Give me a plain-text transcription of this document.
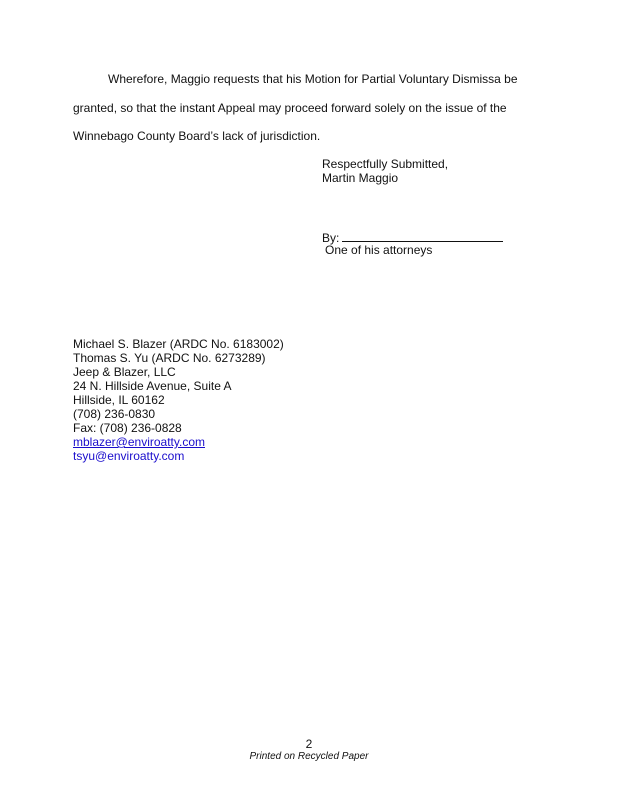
Wherefore, Maggio requests that his Motion for Partial Voluntary Dismissa be
granted, so that the instant Appeal may proceed forward solely on the issue of the
Winnebago County Board’s lack of jurisdiction.
Respectfully Submitted,
Martin Maggio
By:
One of his attorneys
Michael S. Blazer (ARDC No. 6183002)
Thomas S. Yu (ARDC No. 6273289)
Jeep & Blazer, LLC
24 N. Hillside Avenue, Suite A
Hillside, IL 60162
(708) 236-0830
Fax: (708) 236-0828
mblazer@enviroatty.com
tsyu@enviroatty.com
2
Printed on Recycled Paper
